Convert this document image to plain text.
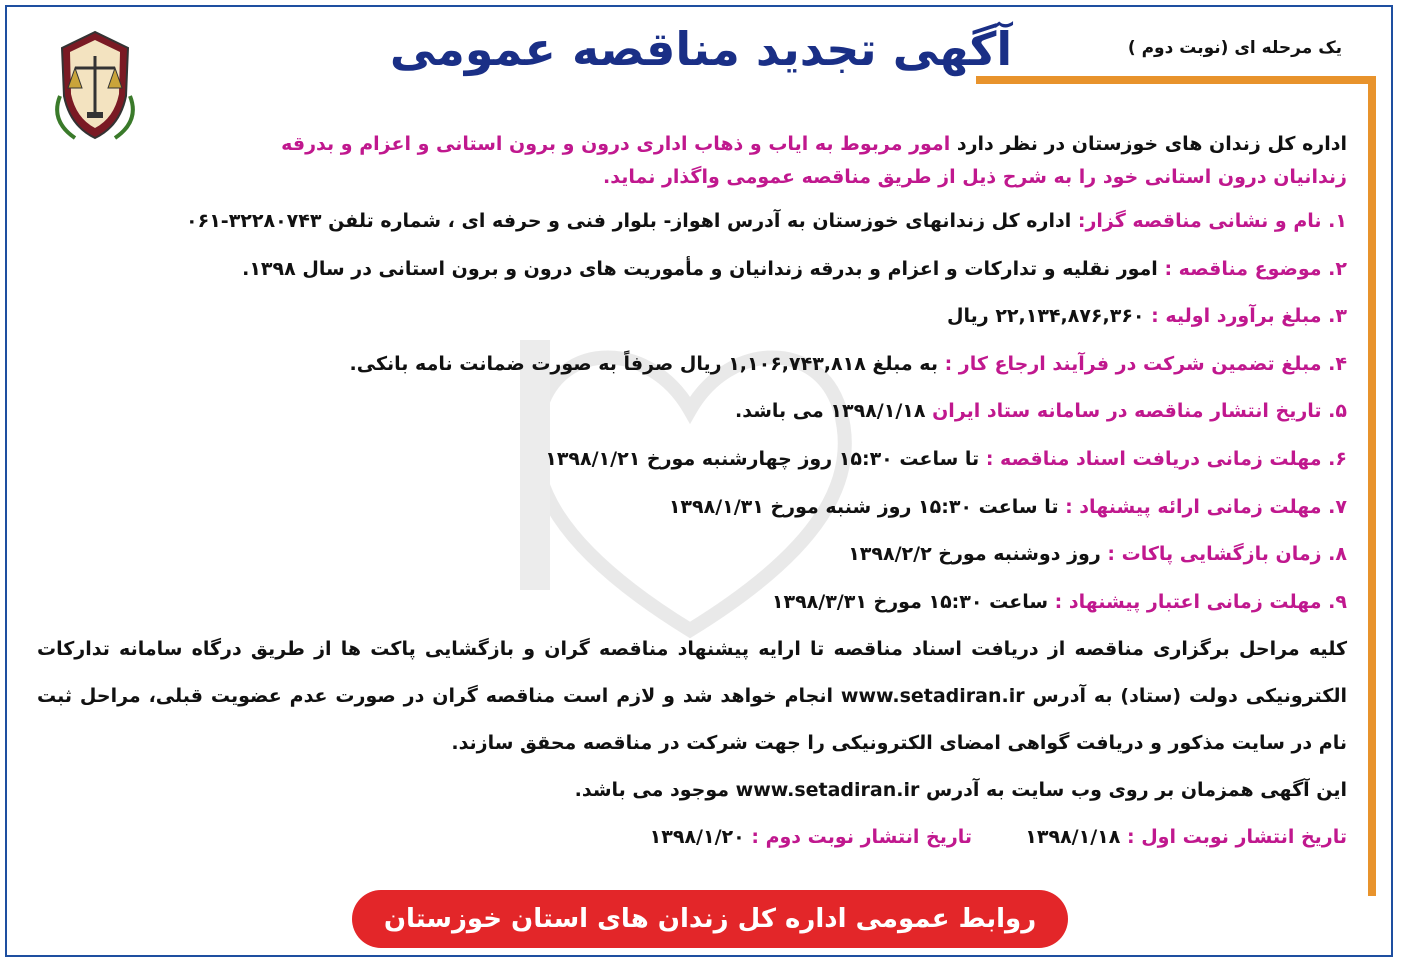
یک مرحله ای (نوبت دوم )
آگهی تجدید مناقصه عمومی

اداره کل زندان های خوزستان در نظر دارد امور مربوط به ایاب و ذهاب اداری درون و برون استانی و اعزام و بدرقه
زندانیان درون استانی خود را به شرح ذیل از طریق مناقصه عمومی واگذار نماید.

۱. نام و نشانی مناقصه گزار: اداره کل زندانهای خوزستان به آدرس اهواز- بلوار فنی و حرفه ای ، شماره تلفن ۳۲۲۸۰۷۴۳-۰۶۱

۲. موضوع مناقصه : امور نقلیه و تدارکات و اعزام و بدرقه زندانیان و مأموریت های درون و برون استانی در سال ۱۳۹۸.

۳. مبلغ برآورد اولیه : ۲۲,۱۳۴,۸۷۶,۳۶۰ ریال

۴. مبلغ تضمین شرکت در فرآیند ارجاع کار : به مبلغ ۱,۱۰۶,۷۴۳,۸۱۸ ریال صرفاً به صورت ضمانت نامه بانکی.

۵. تاریخ انتشار مناقصه در سامانه ستاد ایران ۱۳۹۸/۱/۱۸ می باشد.

۶. مهلت زمانی دریافت اسناد مناقصه : تا ساعت ۱۵:۳۰ روز چهارشنبه مورخ ۱۳۹۸/۱/۲۱

۷. مهلت زمانی ارائه پیشنهاد : تا ساعت ۱۵:۳۰ روز شنبه مورخ ۱۳۹۸/۱/۳۱

۸. زمان بازگشایی پاکات : روز دوشنبه مورخ ۱۳۹۸/۲/۲

۹. مهلت زمانی اعتبار پیشنهاد : ساعت ۱۵:۳۰ مورخ ۱۳۹۸/۳/۳۱

کلیه مراحل برگزاری مناقصه از دریافت اسناد مناقصه تا ارایه پیشنهاد مناقصه گران و بازگشایی پاکت ها از طریق درگاه سامانه تدارکات الکترونیکی دولت (ستاد) به آدرس www.setadiran.ir انجام خواهد شد و لازم است مناقصه گران در صورت عدم عضویت قبلی، مراحل ثبت نام در سایت مذکور و دریافت گواهی امضای الکترونیکی را جهت شرکت در مناقصه محقق سازند.

این آگهی همزمان بر روی وب سایت به آدرس www.setadiran.ir موجود می باشد.

تاریخ انتشار نوبت اول : ۱۳۹۸/۱/۱۸  تاریخ انتشار نوبت دوم : ۱۳۹۸/۱/۲۰

روابط عمومی اداره کل زندان های استان خوزستان
